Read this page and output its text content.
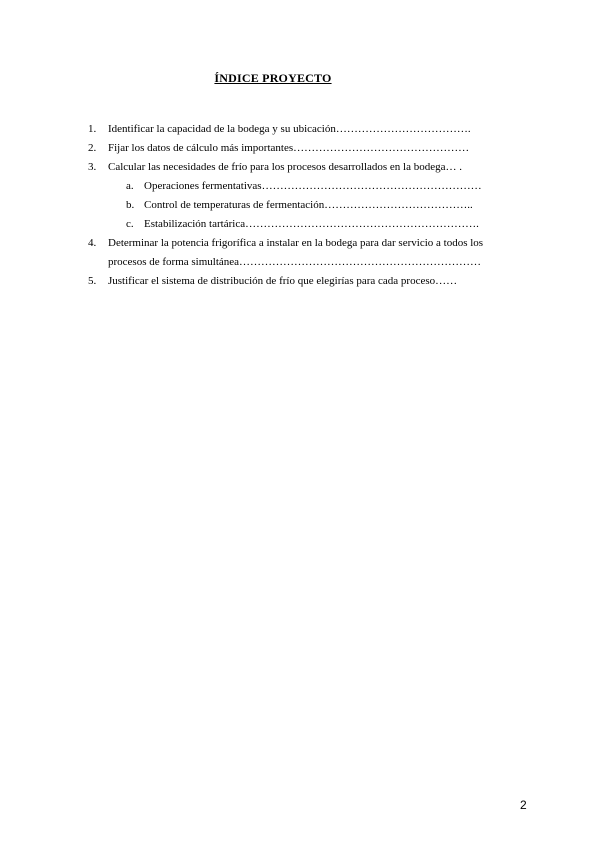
ÍNDICE PROYECTO
1. Identificar la capacidad de la bodega y su ubicación……………………………….
2. Fijar los datos de cálculo más importantes…………………………………………
3. Calcular las necesidades de frío para los procesos desarrollados en la bodega… .
a. Operaciones fermentativas……………………………………………………
b. Control de temperaturas de fermentación…………………………………..
c. Estabilización tartárica……………………………………………………….
4. Determinar la potencia frigorífica a instalar en la bodega para dar servicio a todos los procesos de forma simultánea…………………………………………………………
5. Justificar el sistema de distribución de frío que elegirías para cada proceso……
2
